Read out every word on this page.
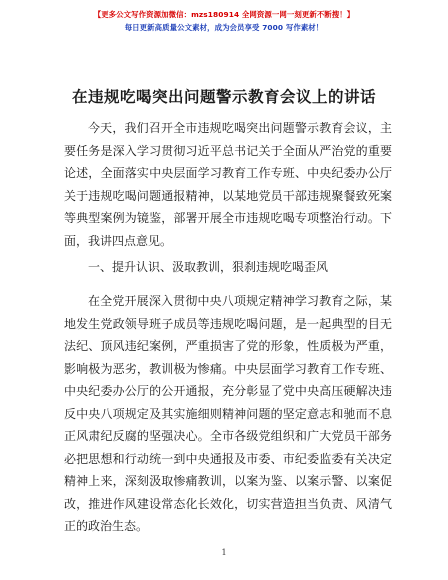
【更多公文写作资源加微信：mzs180914 全网资源一网一刻更新不断搜！】
每日更新高质量公文素材，成为会员享受 7000 写作素材！
在违规吃喝突出问题警示教育会议上的讲话
今天，我们召开全市违规吃喝突出问题警示教育会议，主要任务是深入学习贯彻习近平总书记关于全面从严治党的重要论述，全面落实中央层面学习教育工作专班、中央纪委办公厅关于违规吃喝问题通报精神，以某地党员干部违规聚餐致死案等典型案例为镜鉴，部署开展全市违规吃喝专项整治行动。下面，我讲四点意见。
一、提升认识、汲取教训，狠刹违规吃喝歪风
在全党开展深入贯彻中央八项规定精神学习教育之际，某地发生党政领导班子成员等违规吃喝问题，是一起典型的目无法纪、顶风违纪案例，严重损害了党的形象，性质极为严重，影响极为恶劣，教训极为惨痛。中央层面学习教育工作专班、中央纪委办公厅的公开通报，充分彰显了党中央高压硬解决违反中央八项规定及其实施细则精神问题的坚定意志和驰而不息正风肃纪反腐的坚强决心。全市各级党组织和广大党员干部务必把思想和行动统一到中央通报及市委、市纪委监委有关决定精神上来，深刻汲取惨痛教训，以案为鉴、以案示警、以案促改，推进作风建设常态化长效化，切实营造担当负责、风清气正的政治生态。
1
